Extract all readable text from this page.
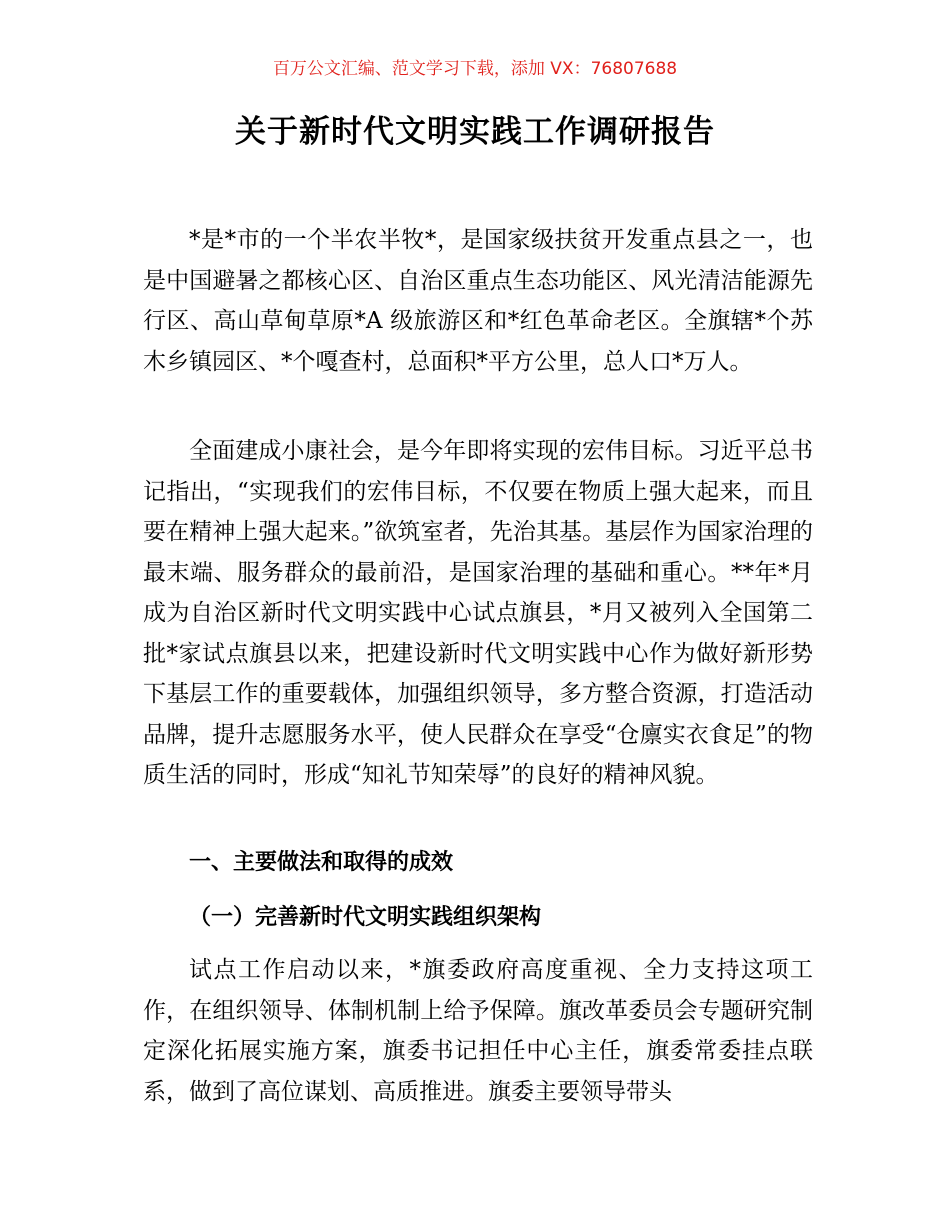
百万公文汇编、范文学习下载，添加 VX：76807688
关于新时代文明实践工作调研报告

*是*市的一个半农半牧*，是国家级扶贫开发重点县之一，也是中国避暑之都核心区、自治区重点生态功能区、风光清洁能源先行区、高山草甸草原*A 级旅游区和*红色革命老区。全旗辖*个苏木乡镇园区、*个嘎查村，总面积*平方公里，总人口*万人。

全面建成小康社会，是今年即将实现的宏伟目标。习近平总书记指出，“实现我们的宏伟目标，不仅要在物质上强大起来，而且要在精神上强大起来。”欲筑室者，先治其基。基层作为国家治理的最末端、服务群众的最前沿，是国家治理的基础和重心。**年*月成为自治区新时代文明实践中心试点旗县，*月又被列入全国第二批*家试点旗县以来，把建设新时代文明实践中心作为做好新形势下基层工作的重要载体，加强组织领导，多方整合资源，打造活动品牌，提升志愿服务水平，使人民群众在享受“仓廪实衣食足”的物质生活的同时，形成“知礼节知荣辱”的良好的精神风貌。

一、主要做法和取得的成效
（一）完善新时代文明实践组织架构

试点工作启动以来，*旗委政府高度重视、全力支持这项工作，在组织领导、体制机制上给予保障。旗改革委员会专题研究制定深化拓展实施方案，旗委书记担任中心主任，旗委常委挂点联系，做到了高位谋划、高质推进。旗委主要领导带头
